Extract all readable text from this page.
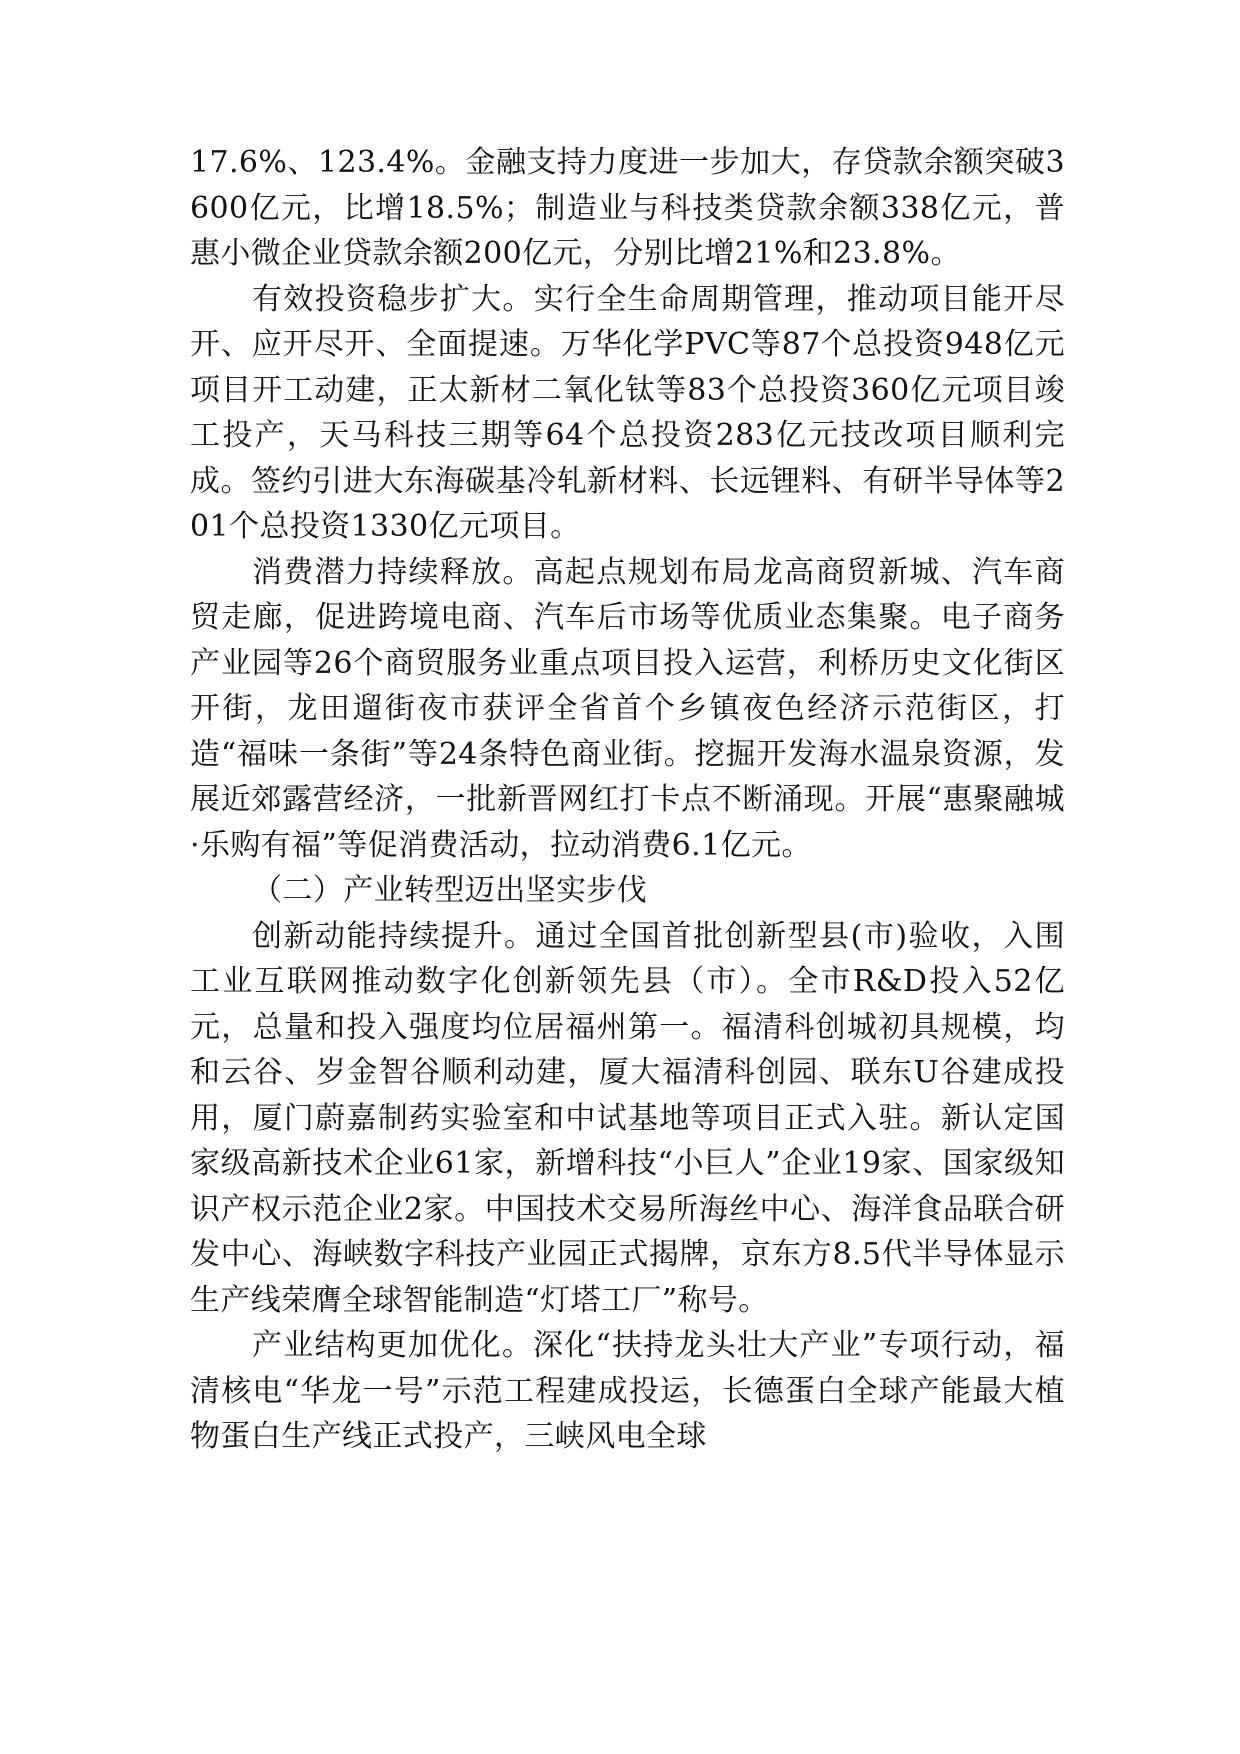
17.6%、123.4%。金融支持力度进一步加大，存贷款余额突破3600亿元，比增18.5%；制造业与科技类贷款余额338亿元，普惠小微企业贷款余额200亿元，分别比增21%和23.8%。

有效投资稳步扩大。实行全生命周期管理，推动项目能开尽开、应开尽开、全面提速。万华化学PVC等87个总投资948亿元项目开工动建，正太新材二氧化钛等83个总投资360亿元项目竣工投产，天马科技三期等64个总投资283亿元技改项目顺利完成。签约引进大东海碳基冷轧新材料、长远锂料、有研半导体等201个总投资1330亿元项目。

消费潜力持续释放。高起点规划布局龙高商贸新城、汽车商贸走廊，促进跨境电商、汽车后市场等优质业态集聚。电子商务产业园等26个商贸服务业重点项目投入运营，利桥历史文化街区开街，龙田遛街夜市获评全省首个乡镇夜色经济示范街区，打造“福味一条街”等24条特色商业街。挖掘开发海水温泉资源，发展近郊露营经济，一批新晋网红打卡点不断涌现。开展“惠聚融城·乐购有福”等促消费活动，拉动消费6.1亿元。

（二）产业转型迈出坚实步伐

创新动能持续提升。通过全国首批创新型县(市)验收，入围工业互联网推动数字化创新领先县（市）。全市R&D投入52亿元，总量和投入强度均位居福州第一。福清科创城初具规模，均和云谷、岁金智谷顺利动建，厦大福清科创园、联东U谷建成投用，厦门蔚嘉制药实验室和中试基地等项目正式入驻。新认定国家级高新技术企业61家，新增科技“小巨人”企业19家、国家级知识产权示范企业2家。中国技术交易所海丝中心、海洋食品联合研发中心、海峡数字科技产业园正式揭牌，京东方8.5代半导体显示生产线荣膺全球智能制造“灯塔工厂”称号。

产业结构更加优化。深化“扶持龙头壮大产业”专项行动，福清核电“华龙一号”示范工程建成投运，长德蛋白全球产能最大植物蛋白生产线正式投产，三峡风电全球
